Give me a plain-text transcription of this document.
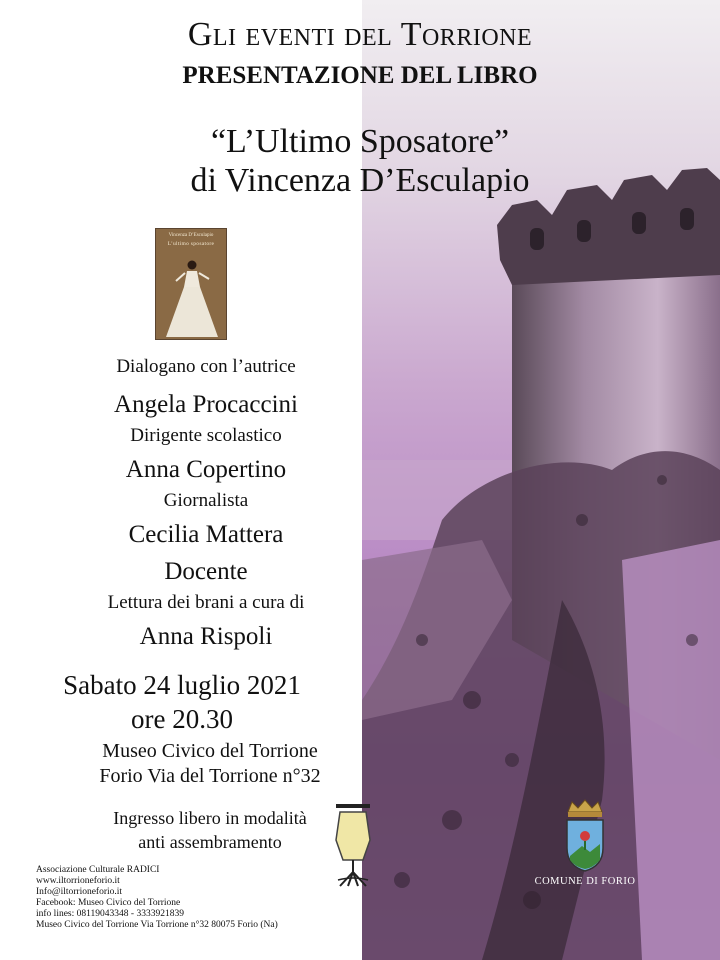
Gli eventi del Torrione
PRESENTAZIONE DEL LIBRO
“L’Ultimo Sposatore”
di Vincenza D’Esculapio
Vincenza D’Esculapio
L’ultimo sposatore
Dialogano con l’autrice
Angela Procaccini
Dirigente scolastico
Anna Copertino
Giornalista
Cecilia Mattera
Docente
Lettura dei brani a cura di
Anna Rispoli
Sabato 24 luglio 2021
ore 20.30
Museo Civico del Torrione
Forio Via del Torrione n°32
Ingresso libero in modalità
anti assembramento
COMUNE DI FORIO
Associazione Culturale RADICI
www.iltorrioneforio.it
Info@iltorrioneforio.it
Facebook: Museo Civico del Torrione
info lines: 08119043348 - 3333921839
Museo Civico del Torrione Via Torrione n°32 80075 Forio (Na)
